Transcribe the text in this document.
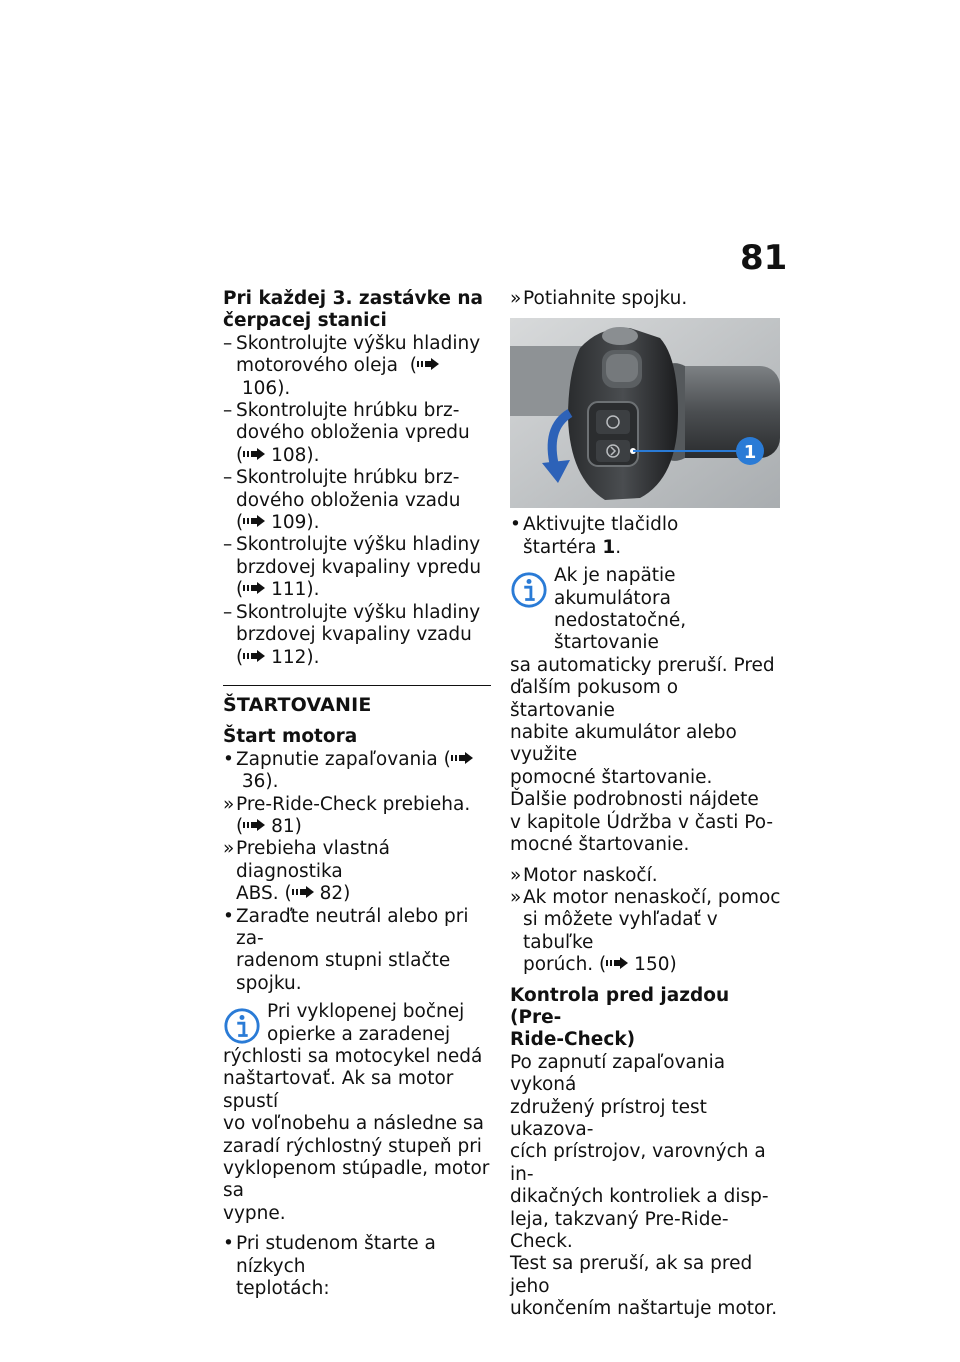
81
Pri každej 3. zastávke na
čerpacej stanici
– Skontrolujte výšku hladiny
motorového oleja  (
106).
– Skontrolujte hrúbku brz-
dového obloženia vpredu
( 108).
– Skontrolujte hrúbku brz-
dového obloženia vzadu
( 109).
– Skontrolujte výšku hladiny
brzdovej kvapaliny vpredu
( 111).
– Skontrolujte výšku hladiny
brzdovej kvapaliny vzadu
( 112).
ŠTARTOVANIE
Štart motora
• Zapnutie zapaľovania (
36).
» Pre-Ride-Check prebieha.
( 81)
» Prebieha vlastná diagnostika
ABS. ( 82)
• Zaraďte neutrál alebo pri za-
radenom stupni stlačte spojku.
Pri vyklopenej bočnej
opierke a zaradenej
rýchlosti sa motocykel nedá
naštartovať. Ak sa motor spustí
vo voľnobehu a následne sa
zaradí rýchlostný stupeň pri
vyklopenom stúpadle, motor sa
vypne.
• Pri studenom štarte a nízkych
teplotách:
» Potiahnite spojku.
1
• Aktivujte tlačidlo štartéra 1.
Ak je napätie akumulátora
nedostatočné, štartovanie
sa automaticky preruší. Pred
ďalším pokusom o štartovanie
nabite akumulátor alebo využite
pomocné štartovanie.
Ďalšie podrobnosti nájdete
v kapitole Údržba v časti Po-
mocné štartovanie.
» Motor naskočí.
» Ak motor nenaskočí, pomoc
si môžete vyhľadať v tabuľke
porúch. ( 150)
Kontrola pred jazdou (Pre-
Ride-Check)
Po zapnutí zapaľovania vykoná
združený prístroj test ukazova-
cích prístrojov, varovných a in-
dikačných kontroliek a disp-
leja, takzvaný Pre-Ride-Check.
Test sa preruší, ak sa pred jeho
ukončením naštartuje motor.
